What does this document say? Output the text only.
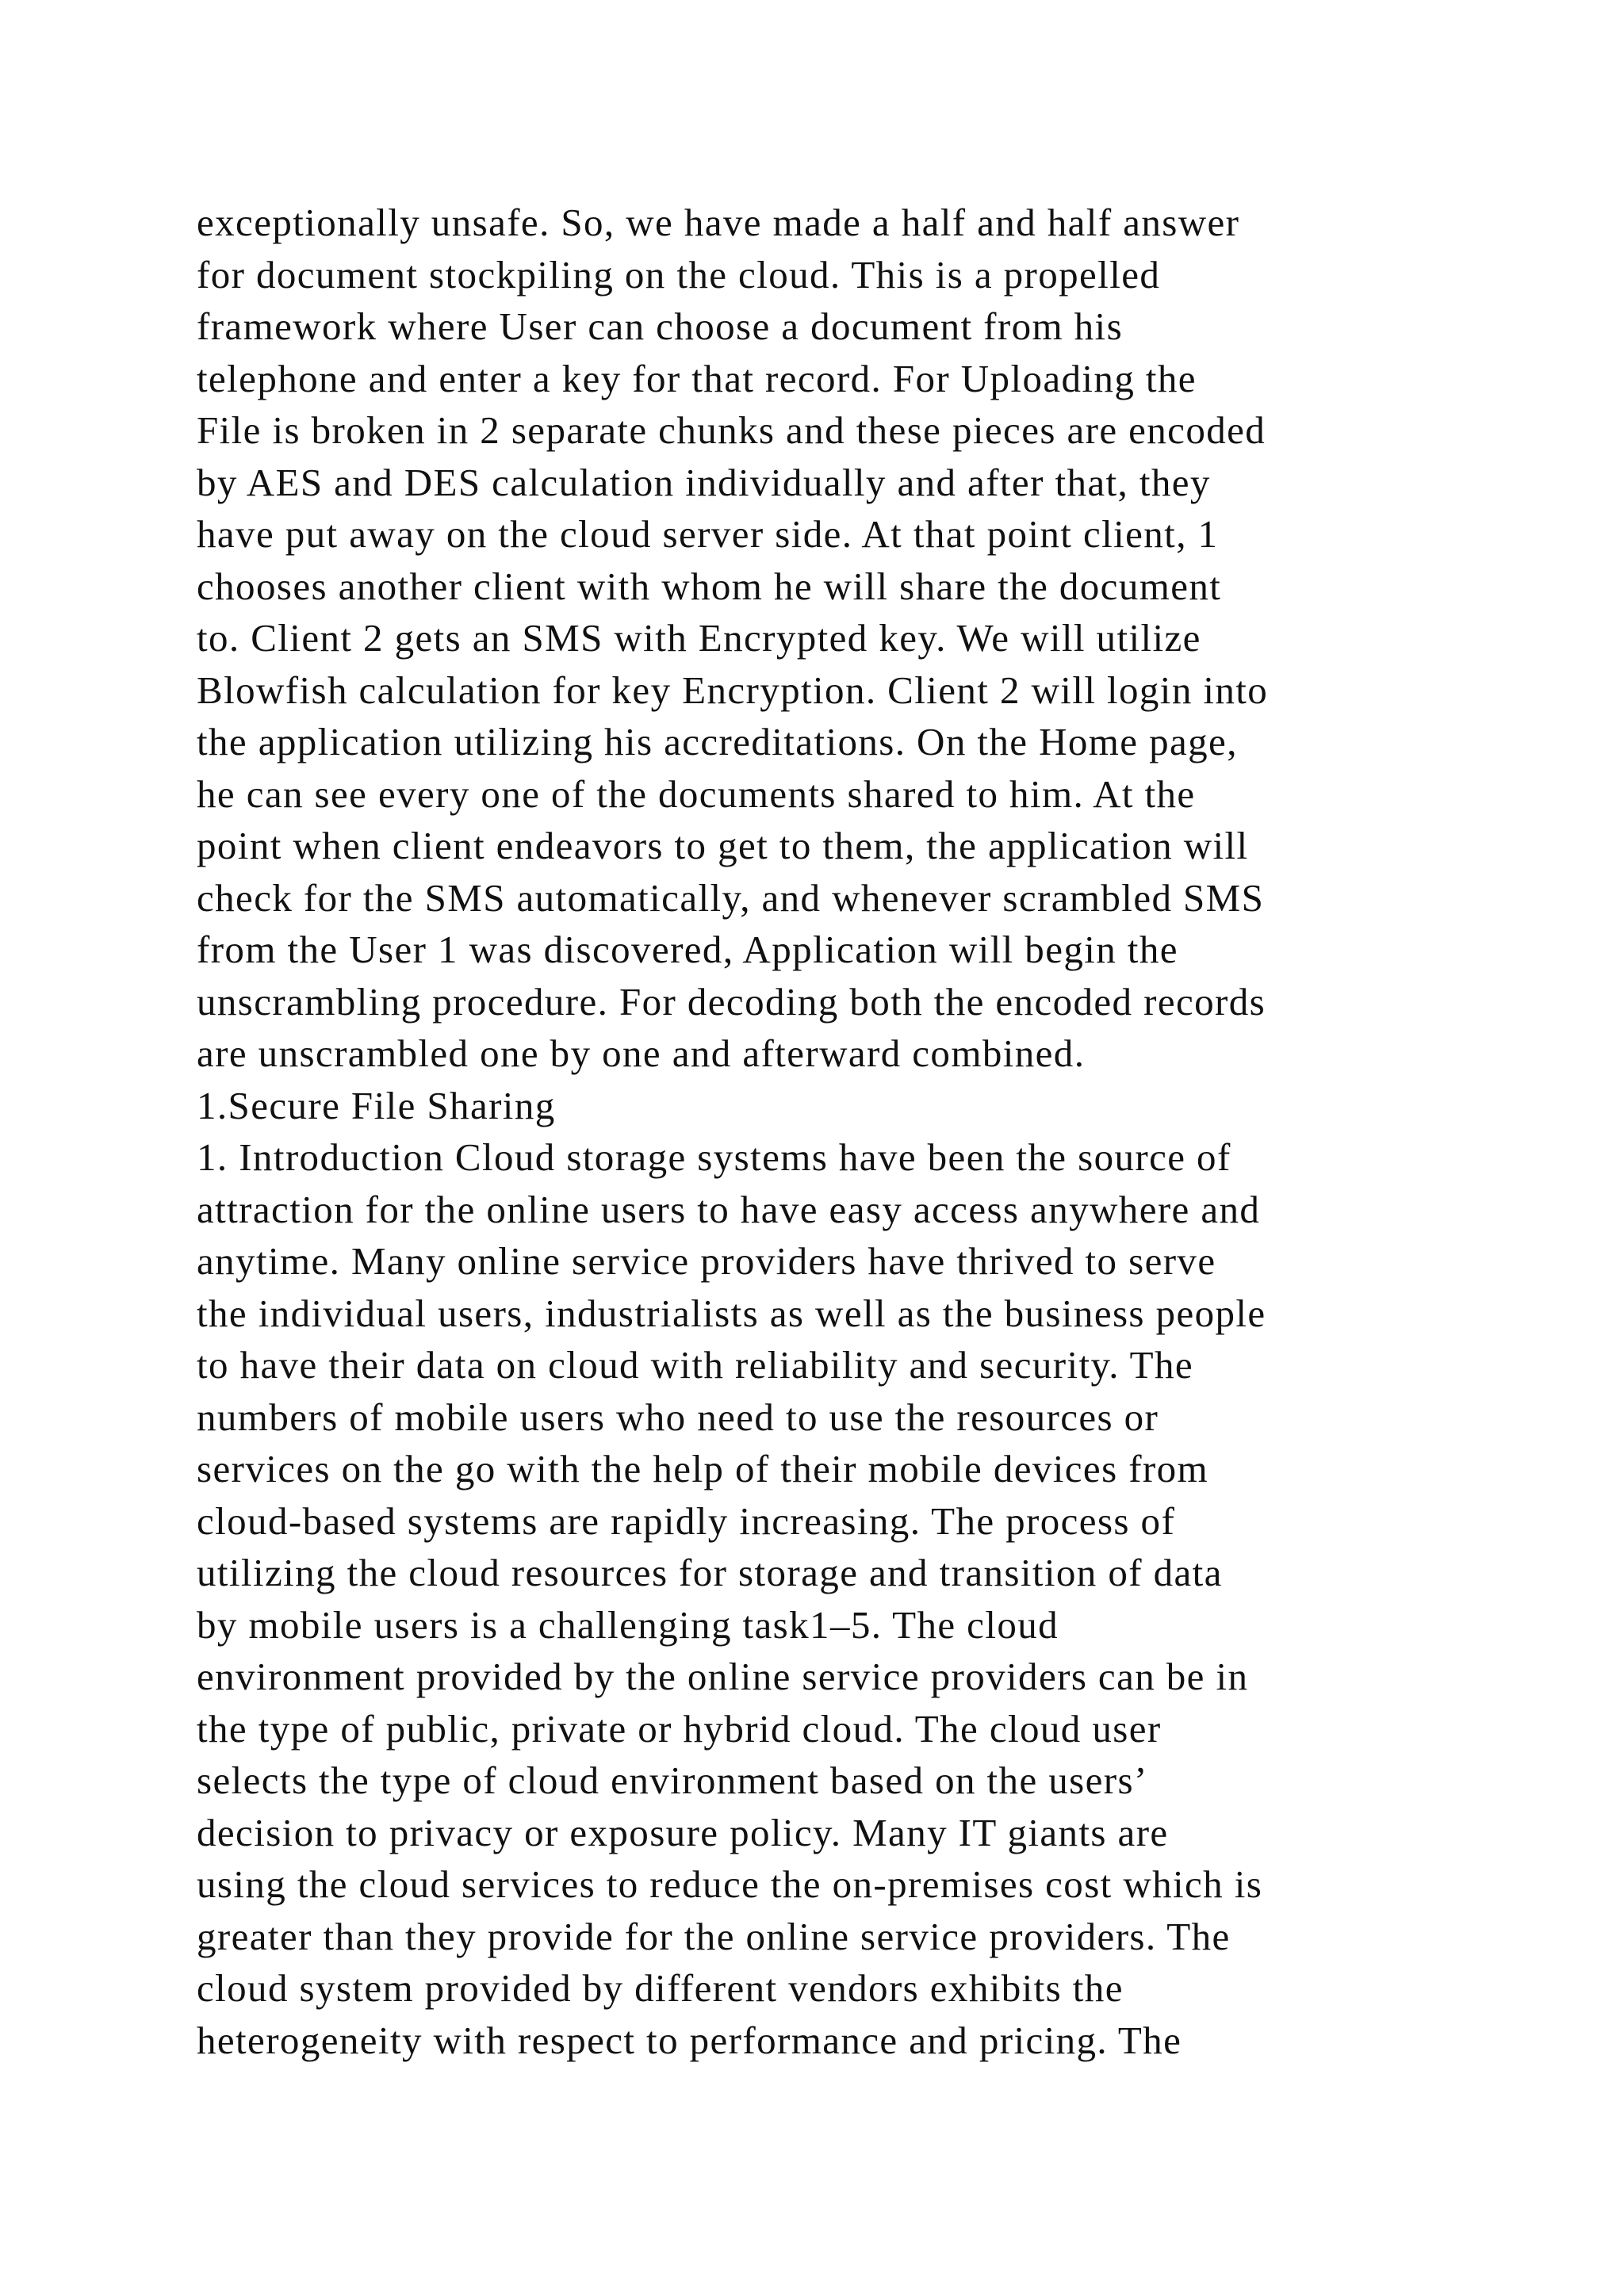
exceptionally unsafe. So, we have made a half and half answer
for document stockpiling on the cloud. This is a propelled
framework where User can choose a document from his
telephone and enter a key for that record. For Uploading the
File is broken in 2 separate chunks and these pieces are encoded
by AES and DES calculation individually and after that, they
have put away on the cloud server side. At that point client, 1
chooses another client with whom he will share the document
to. Client 2 gets an SMS with Encrypted key. We will utilize
Blowfish calculation for key Encryption. Client 2 will login into
the application utilizing his accreditations. On the Home page,
he can see every one of the documents shared to him. At the
point when client endeavors to get to them, the application will
check for the SMS automatically, and whenever scrambled SMS
from the User 1 was discovered, Application will begin the
unscrambling procedure. For decoding both the encoded records
are unscrambled one by one and afterward combined.
1.Secure File Sharing
1. Introduction Cloud storage systems have been the source of
attraction for the online users to have easy access anywhere and
anytime. Many online service providers have thrived to serve
the individual users, industrialists as well as the business people
to have their data on cloud with reliability and security. The
numbers of mobile users who need to use the resources or
services on the go with the help of their mobile devices from
cloud-based systems are rapidly increasing. The process of
utilizing the cloud resources for storage and transition of data
by mobile users is a challenging task1–5. The cloud
environment provided by the online service providers can be in
the type of public, private or hybrid cloud. The cloud user
selects the type of cloud environment based on the users’
decision to privacy or exposure policy. Many IT giants are
using the cloud services to reduce the on-premises cost which is
greater than they provide for the online service providers. The
cloud system provided by different vendors exhibits the
heterogeneity with respect to performance and pricing. The
